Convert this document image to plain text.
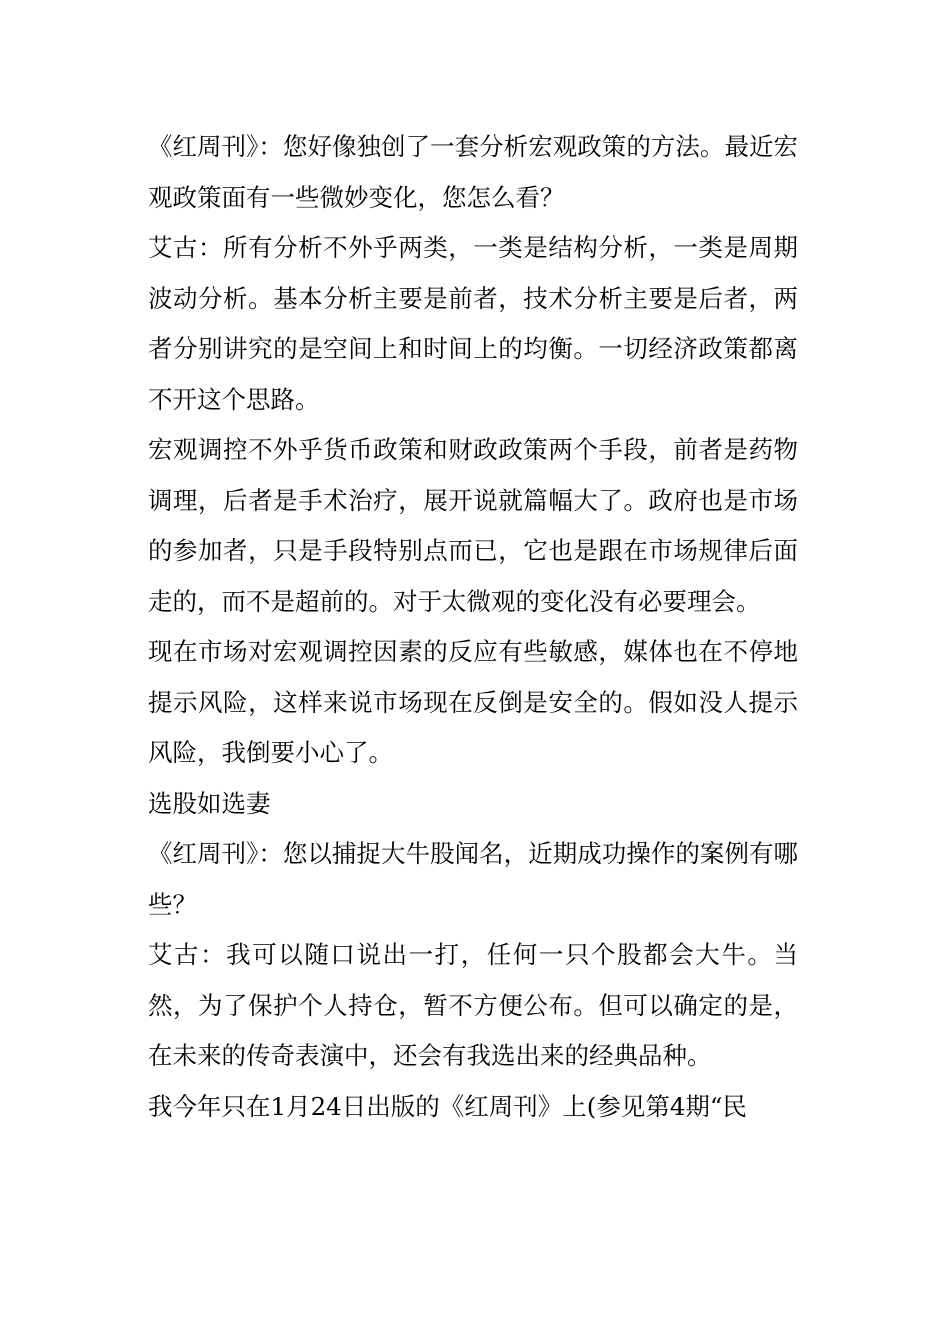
《红周刊》：您好像独创了一套分析宏观政策的方法。最近宏观政策面有一些微妙变化，您怎么看？

艾古：所有分析不外乎两类，一类是结构分析，一类是周期波动分析。基本分析主要是前者，技术分析主要是后者，两者分别讲究的是空间上和时间上的均衡。一切经济政策都离不开这个思路。

宏观调控不外乎货币政策和财政政策两个手段，前者是药物调理，后者是手术治疗，展开说就篇幅大了。政府也是市场的参加者，只是手段特别点而已，它也是跟在市场规律后面走的，而不是超前的。对于太微观的变化没有必要理会。

现在市场对宏观调控因素的反应有些敏感，媒体也在不停地提示风险，这样来说市场现在反倒是安全的。假如没人提示风险，我倒要小心了。

选股如选妻

《红周刊》：您以捕捉大牛股闻名，近期成功操作的案例有哪些？

艾古：我可以随口说出一打，任何一只个股都会大牛。当然，为了保护个人持仓，暂不方便公布。但可以确定的是，在未来的传奇表演中，还会有我选出来的经典品种。

我今年只在1月24日出版的《红周刊》上(参见第4期“民
